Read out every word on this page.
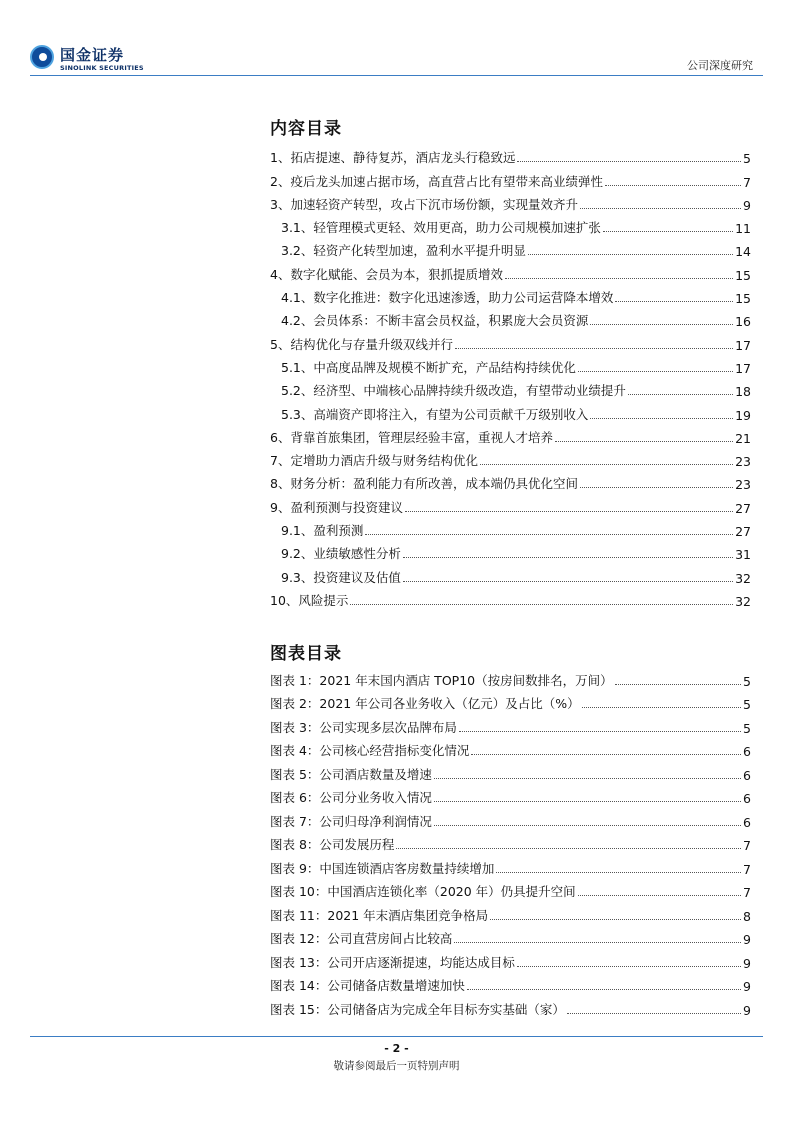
国金证券
SINOLINK SECURITIES	公司深度研究
内容目录
1、拓店提速、静待复苏，酒店龙头行稳致远	5
2、疫后龙头加速占据市场，高直营占比有望带来高业绩弹性	7
3、加速轻资产转型，攻占下沉市场份额，实现量效齐升	9
3.1、轻管理模式更轻、效用更高，助力公司规模加速扩张	11
3.2、轻资产化转型加速，盈利水平提升明显	14
4、数字化赋能、会员为本，狠抓提质增效	15
4.1、数字化推进：数字化迅速渗透，助力公司运营降本增效	15
4.2、会员体系：不断丰富会员权益，积累庞大会员资源	16
5、结构优化与存量升级双线并行	17
5.1、中高度品牌及规模不断扩充，产品结构持续优化	17
5.2、经济型、中端核心品牌持续升级改造，有望带动业绩提升	18
5.3、高端资产即将注入，有望为公司贡献千万级别收入	19
6、背靠首旅集团，管理层经验丰富，重视人才培养	21
7、定增助力酒店升级与财务结构优化	23
8、财务分析：盈利能力有所改善，成本端仍具优化空间	23
9、盈利预测与投资建议	27
9.1、盈利预测	27
9.2、业绩敏感性分析	31
9.3、投资建议及估值	32
10、风险提示	32
图表目录
图表 1：2021 年末国内酒店 TOP10（按房间数排名，万间）	5
图表 2：2021 年公司各业务收入（亿元）及占比（%）	5
图表 3：公司实现多层次品牌布局	5
图表 4：公司核心经营指标变化情况	6
图表 5：公司酒店数量及增速	6
图表 6：公司分业务收入情况	6
图表 7：公司归母净利润情况	6
图表 8：公司发展历程	7
图表 9：中国连锁酒店客房数量持续增加	7
图表 10：中国酒店连锁化率（2020 年）仍具提升空间	7
图表 11：2021 年末酒店集团竞争格局	8
图表 12：公司直营房间占比较高	9
图表 13：公司开店逐渐提速，均能达成目标	9
图表 14：公司储备店数量增速加快	9
图表 15：公司储备店为完成全年目标夯实基础（家）	9
- 2 -
敬请参阅最后一页特别声明
